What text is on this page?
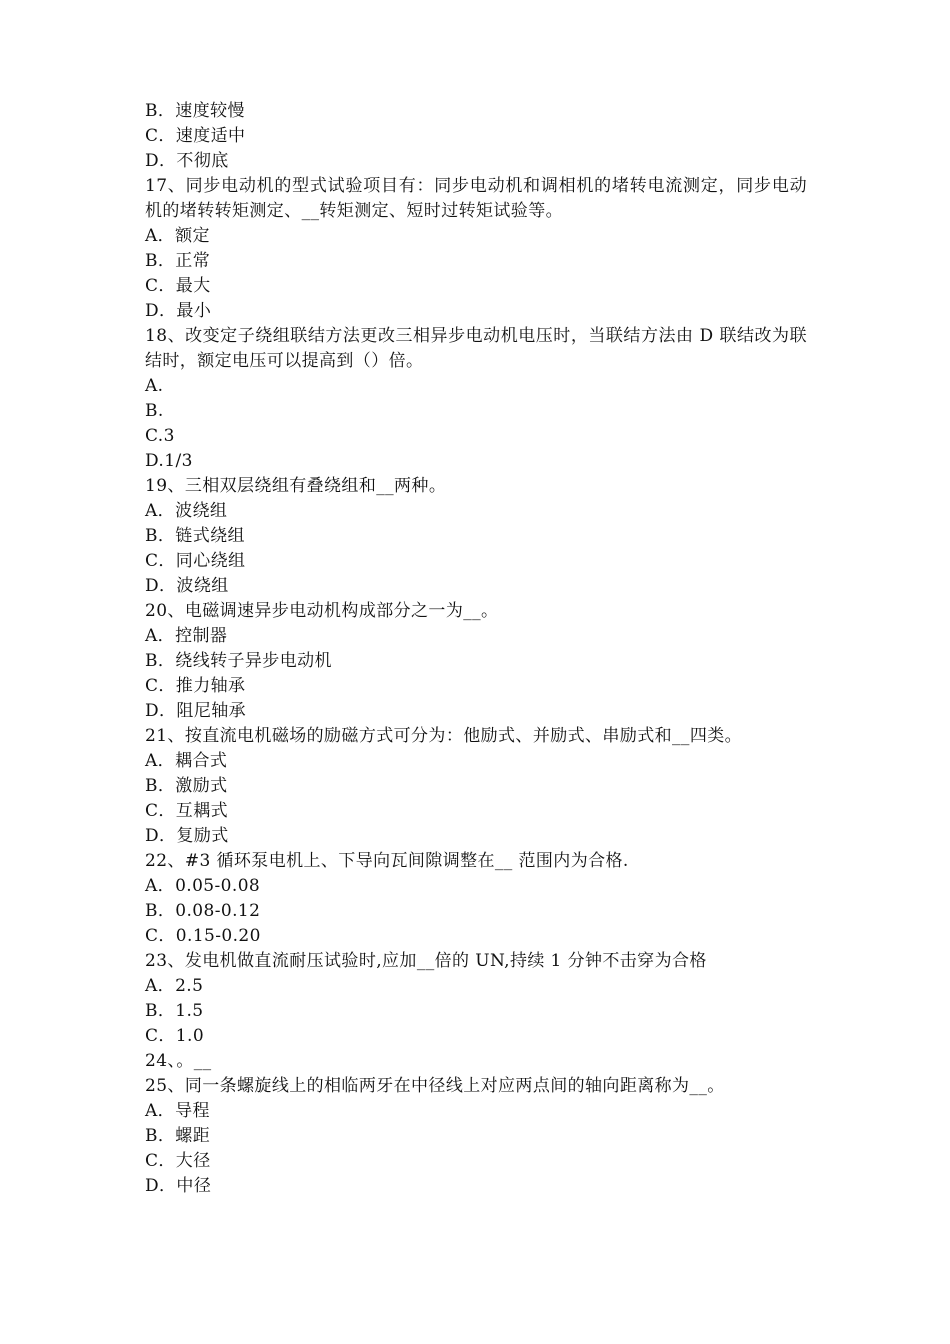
B．速度较慢
C．速度适中
D．不彻底
17、同步电动机的型式试验项目有：同步电动机和调相机的堵转电流测定，同步电动机的堵转转矩测定、__转矩测定、短时过转矩试验等。
A．额定
B．正常
C．最大
D．最小
18、改变定子绕组联结方法更改三相异步电动机电压时，当联结方法由 D 联结改为联结时，额定电压可以提高到（）倍。
A.
B.
C.3
D.1/3
19、三相双层绕组有叠绕组和__两种。
A．波绕组
B．链式绕组
C．同心绕组
D．波绕组
20、电磁调速异步电动机构成部分之一为__。
A．控制器
B．绕线转子异步电动机
C．推力轴承
D．阻尼轴承
21、按直流电机磁场的励磁方式可分为：他励式、并励式、串励式和__四类。
A．耦合式
B．激励式
C．互耦式
D．复励式
22、#3 循环泵电机上、下导向瓦间隙调整在__ 范围内为合格.
A．0.05-0.08
B．0.08-0.12
C．0.15-0.20
23、发电机做直流耐压试验时,应加__倍的 UN,持续 1 分钟不击穿为合格
A．2.5
B．1.5
C．1.0
24、。__
25、同一条螺旋线上的相临两牙在中径线上对应两点间的轴向距离称为__。
A．导程
B．螺距
C．大径
D．中径
